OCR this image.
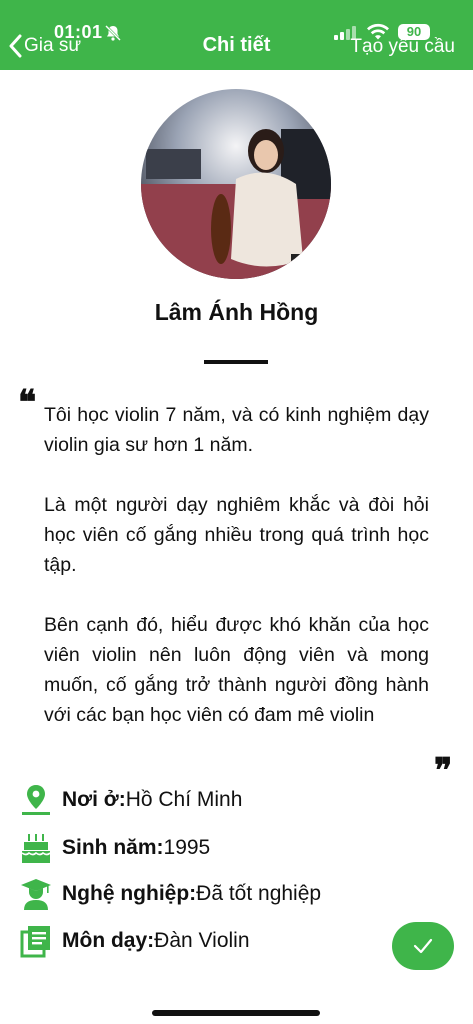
01:01	90
Gia sư	Chi tiết	Tạo yêu cầu
Lâm Ánh Hồng
❝ Tôi học violin 7 năm, và có kinh nghiệm dạy violin gia sư hơn 1 năm.

Là một người dạy nghiêm khắc và đòi hỏi học viên cố gắng nhiều trong quá trình học tập.

Bên cạnh đó, hiểu được khó khăn của học viên violin nên luôn động viên và mong muốn, cố gắng trở thành người đồng hành với các bạn học viên có đam mê violin

❞
Nơi ở: Hồ Chí Minh
Sinh năm: 1995
Nghệ nghiệp: Đã tốt nghiệp
Môn dạy: Đàn Violin
